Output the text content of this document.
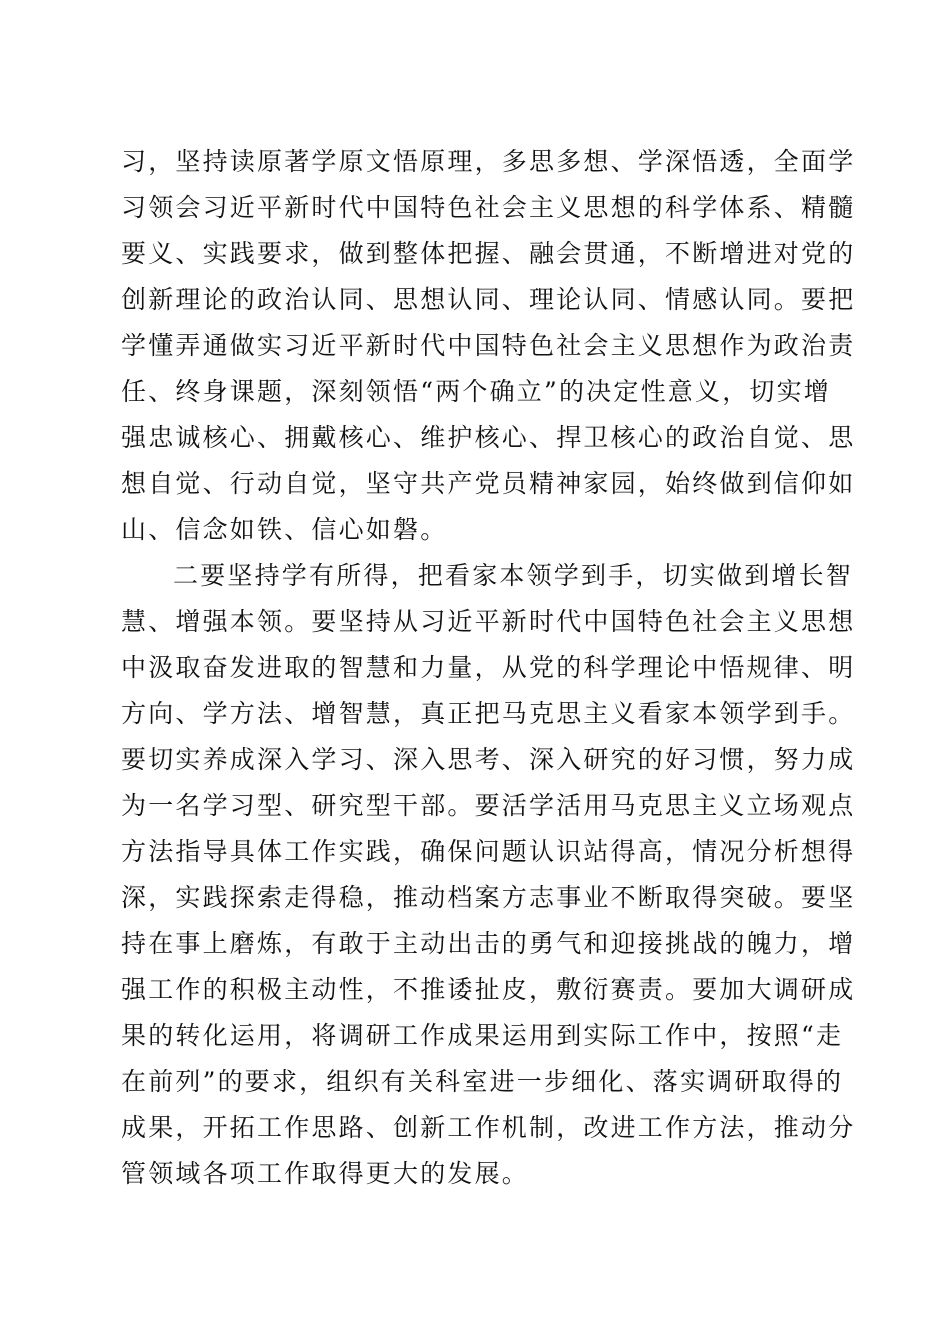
习，坚持读原著学原文悟原理，多思多想、学深悟透，全面学
习领会习近平新时代中国特色社会主义思想的科学体系、精髓
要义、实践要求，做到整体把握、融会贯通，不断增进对党的
创新理论的政治认同、思想认同、理论认同、情感认同。要把
学懂弄通做实习近平新时代中国特色社会主义思想作为政治责
任、终身课题，深刻领悟“两个确立”的决定性意义，切实增
强忠诚核心、拥戴核心、维护核心、捍卫核心的政治自觉、思
想自觉、行动自觉，坚守共产党员精神家园，始终做到信仰如
山、信念如铁、信心如磐。
二要坚持学有所得，把看家本领学到手，切实做到增长智
慧、增强本领。要坚持从习近平新时代中国特色社会主义思想
中汲取奋发进取的智慧和力量，从党的科学理论中悟规律、明
方向、学方法、增智慧，真正把马克思主义看家本领学到手。
要切实养成深入学习、深入思考、深入研究的好习惯，努力成
为一名学习型、研究型干部。要活学活用马克思主义立场观点
方法指导具体工作实践，确保问题认识站得高，情况分析想得
深，实践探索走得稳，推动档案方志事业不断取得突破。要坚
持在事上磨炼，有敢于主动出击的勇气和迎接挑战的魄力，增
强工作的积极主动性，不推诿扯皮，敷衍赛责。要加大调研成
果的转化运用，将调研工作成果运用到实际工作中，按照“走
在前列”的要求，组织有关科室进一步细化、落实调研取得的
成果，开拓工作思路、创新工作机制，改进工作方法，推动分
管领域各项工作取得更大的发展。
